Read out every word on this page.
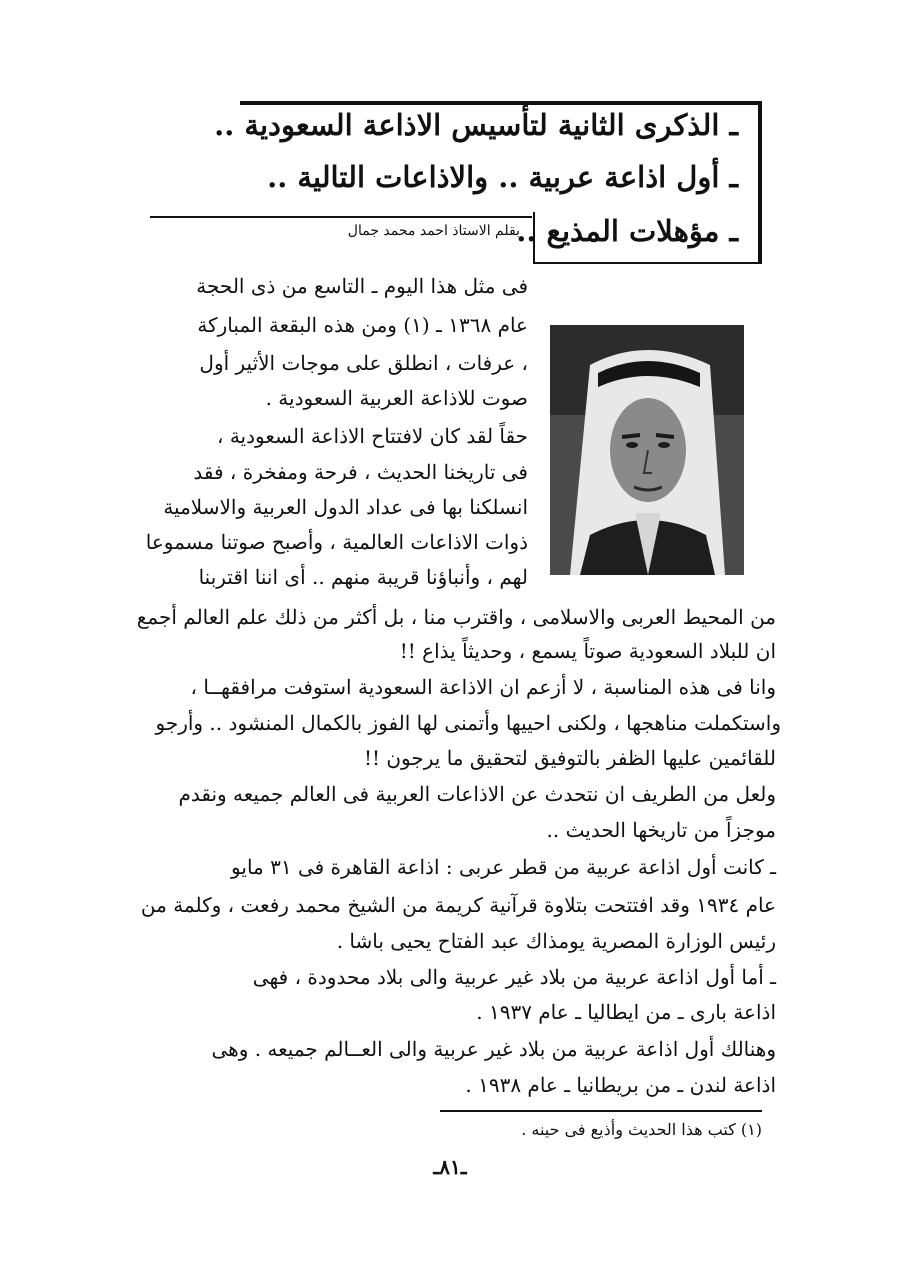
ـ الذكرى الثانية لتأسيس الاذاعة السعودية ..
ـ أول اذاعة عربية .. والاذاعات التالية ..
ـ مؤهلات المذيع ..
بقلم الاستاذ احمد محمد جمال
فى مثل هذا اليوم ـ التاسع من ذى الحجة
عام ١٣٦٨ ـ (١) ومن هذه البقعة المباركة
، عرفات ، انطلق على موجات الأثير أول
صوت للاذاعة العربية السعودية .
حقاً لقد كان لافتتاح الاذاعة السعودية ،
فى تاريخنا الحديث ، فرحة ومفخرة ، فقد
انسلكنا بها فى عداد الدول العربية والاسلامية
ذوات الاذاعات العالمية ، وأصبح صوتنا مسموعا
لهم ، وأنباؤنا قريبة منهم .. أى اننا اقتربنا
من المحيط العربى والاسلامى ، واقترب منا ، بل أكثر من ذلك علم العالم أجمع
ان للبلاد السعودية صوتاً يسمع ، وحديثاً يذاع !!
وانا فى هذه المناسبة ، لا أزعم ان الاذاعة السعودية استوفت مرافقهــا ،
واستكملت مناهجها ، ولكنى احييها وأتمنى لها الفوز بالكمال المنشود .. وأرجو
للقائمين عليها الظفر بالتوفيق لتحقيق ما يرجون !!
ولعل من الطريف ان نتحدث عن الاذاعات العربية فى العالم جميعه ونقدم
موجزاً من تاريخها الحديث ..
ـ كانت أول اذاعة عربية من قطر عربى : اذاعة القاهرة فى ٣١ مايو
عام ١٩٣٤ وقد افتتحت بتلاوة قرآنية كريمة من الشيخ محمد رفعت ، وكلمة من
رئيس الوزارة المصرية يومذاك عبد الفتاح يحيى باشا .
ـ أما أول اذاعة عربية من بلاد غير عربية والى بلاد محدودة ، فهى
اذاعة بارى ـ من ايطاليا ـ عام ١٩٣٧ .
وهنالك أول اذاعة عربية من بلاد غير عربية والى العــالم جميعه . وهى
اذاعة لندن ـ من بريطانيا ـ عام ١٩٣٨ .
(١) كتب هذا الحديث وأذيع فى حينه .
ـ٨١ـ
